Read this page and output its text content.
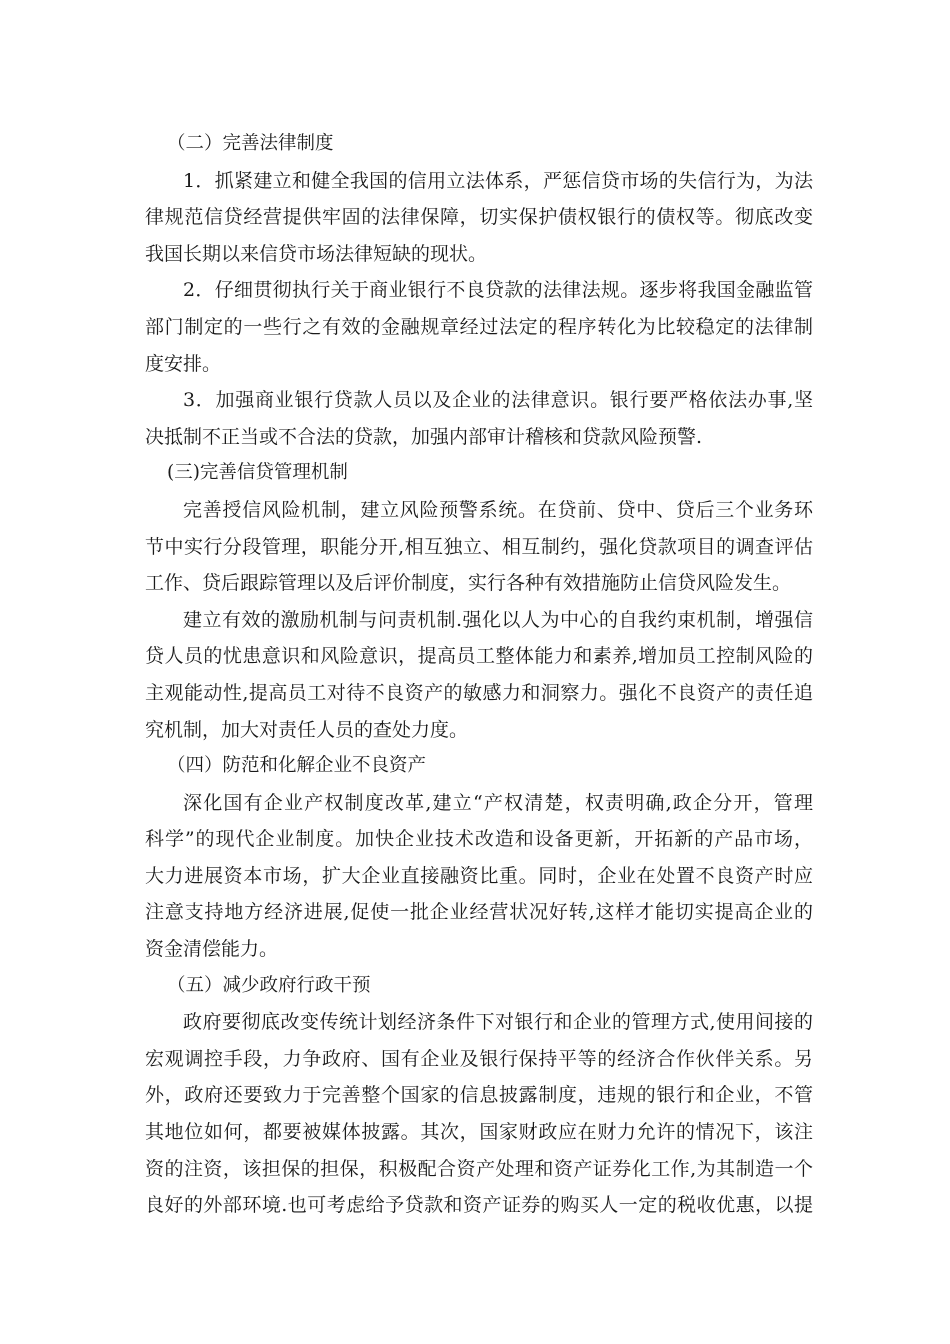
（二）完善法律制度
1．抓紧建立和健全我国的信用立法体系，严惩信贷市场的失信行为，为法
律规范信贷经营提供牢固的法律保障，切实保护债权银行的债权等。彻底改变
我国长期以来信贷市场法律短缺的现状。
2．仔细贯彻执行关于商业银行不良贷款的法律法规。逐步将我国金融监管
部门制定的一些行之有效的金融规章经过法定的程序转化为比较稳定的法律制
度安排。
3．加强商业银行贷款人员以及企业的法律意识。银行要严格依法办事,坚
决抵制不正当或不合法的贷款，加强内部审计稽核和贷款风险预警.
(三)完善信贷管理机制
完善授信风险机制，建立风险预警系统。在贷前、贷中、贷后三个业务环
节中实行分段管理，职能分开,相互独立、相互制约，强化贷款项目的调查评估
工作、贷后跟踪管理以及后评价制度，实行各种有效措施防止信贷风险发生。
建立有效的激励机制与问责机制.强化以人为中心的自我约束机制，增强信
贷人员的忧患意识和风险意识，提高员工整体能力和素养,增加员工控制风险的
主观能动性,提高员工对待不良资产的敏感力和洞察力。强化不良资产的责任追
究机制，加大对责任人员的查处力度。
（四）防范和化解企业不良资产
深化国有企业产权制度改革,建立“产权清楚，权责明确,政企分开，管理
科学”的现代企业制度。加快企业技术改造和设备更新，开拓新的产品市场，
大力进展资本市场，扩大企业直接融资比重。同时，企业在处置不良资产时应
注意支持地方经济进展,促使一批企业经营状况好转,这样才能切实提高企业的
资金清偿能力。
（五）减少政府行政干预
政府要彻底改变传统计划经济条件下对银行和企业的管理方式,使用间接的
宏观调控手段，力争政府、国有企业及银行保持平等的经济合作伙伴关系。另
外，政府还要致力于完善整个国家的信息披露制度，违规的银行和企业，不管
其地位如何，都要被媒体披露。其次，国家财政应在财力允许的情况下，该注
资的注资，该担保的担保，积极配合资产处理和资产证券化工作,为其制造一个
良好的外部环境.也可考虑给予贷款和资产证券的购买人一定的税收优惠，以提
